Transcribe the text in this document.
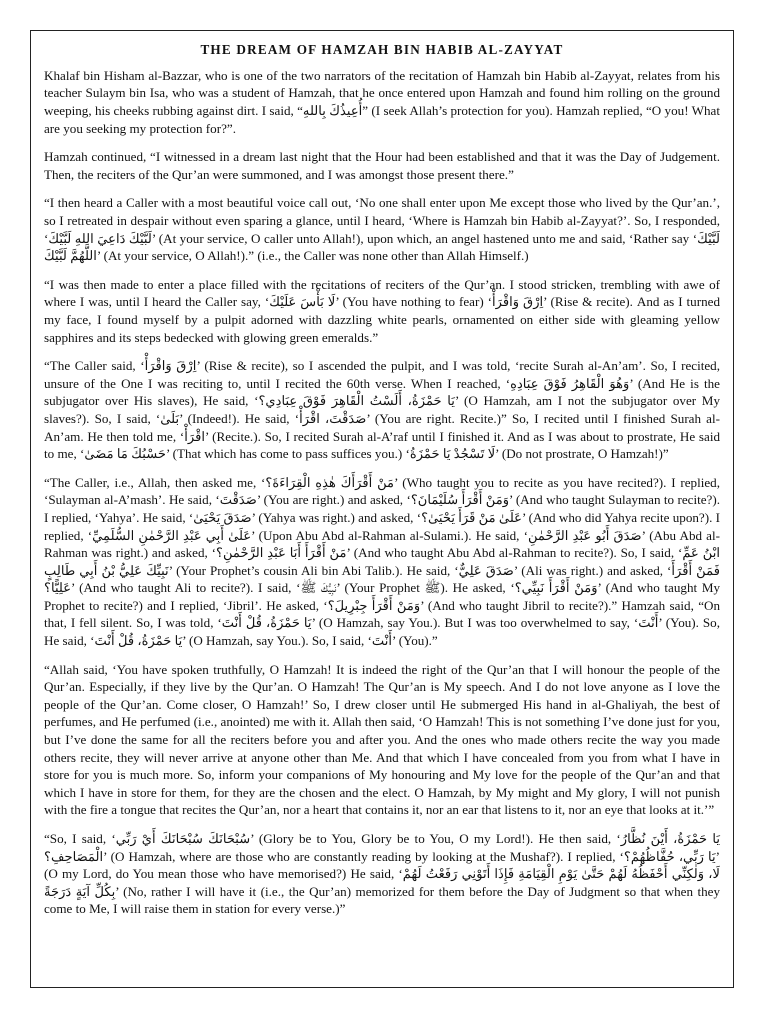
THE DREAM OF HAMZAH BIN HABIB AL-ZAYYAT

Khalaf bin Hisham al-Bazzar, who is one of the two narrators of the recitation of Hamzah bin Habib al-Zayyat, relates from his teacher Sulaym bin Isa, who was a student of Hamzah, that he once entered upon Hamzah and found him rolling on the ground weeping, his cheeks rubbing against dirt. I said, “أُعِيذُكَ بِاللهِ” (I seek Allah’s protection for you). Hamzah replied, “O you! What are you seeking my protection for?”.

Hamzah continued, “I witnessed in a dream last night that the Hour had been established and that it was the Day of Judgement. Then, the reciters of the Qur’an were summoned, and I was amongst those present there.”

“I then heard a Caller with a most beautiful voice call out, ‘No one shall enter upon Me except those who lived by the Qur’an.’, so I retreated in despair without even sparing a glance, until I heard, ‘Where is Hamzah bin Habib al-Zayyat?’. So, I responded, ‘لَبَّيْكَ دَاعِيَ اللهِ لَبَّيْكَ’ (At your service, O caller unto Allah!), upon which, an angel hastened unto me and said, ‘Rather say ‘لَبَّيْكَ اللَّهُمَّ لَبَّيْكَ’ (At your service, O Allah!).” (i.e., the Caller was none other than Allah Himself.)

“I was then made to enter a place filled with the recitations of reciters of the Qur’an. I stood stricken, trembling with awe of where I was, until I heard the Caller say, ‘لَا بَأْسَ عَلَيْكَ’ (You have nothing to fear) ‘اِرْقَ وَاقْرَأْ’ (Rise & recite). And as I turned my face, I found myself by a pulpit adorned with dazzling white pearls, ornamented on either side with gleaming yellow sapphires and its steps bedecked with glowing green emeralds.”

“The Caller said, ‘اِرْقَ وَاقْرَأْ’ (Rise & recite), so I ascended the pulpit, and I was told, ‘recite Surah al-An’am’. So, I recited, unsure of the One I was reciting to, until I recited the 60th verse. When I reached, ‘وَهُوَ الْقَاهِرُ فَوْقَ عِبَادِهِ’ (And He is the subjugator over His slaves), He said, ‘يَا حَمْزَةُ، أَلَسْتُ الْقَاهِرَ فَوْقَ عِبَادِي؟’ (O Hamzah, am I not the subjugator over My slaves?). So, I said, ‘بَلَىٰ’ (Indeed!). He said, ‘صَدَقْتَ، اقْرَأْ’ (You are right. Recite.)” So, I recited until I finished Surah al-An’am. He then told me, ‘اقْرَأْ’ (Recite.). So, I recited Surah al-A’raf until I finished it. And as I was about to prostrate, He said to me, ‘حَسْبُكَ مَا مَضَىٰ’ (That which has come to pass suffices you.) ‘لَا تَسْجُدْ يَا حَمْزَةُ’ (Do not prostrate, O Hamzah!)”

“The Caller, i.e., Allah, then asked me, ‘مَنْ أَقْرَأَكَ هٰذِهِ الْقِرَاءَةَ؟’ (Who taught you to recite as you have recited?). I replied, ‘Sulayman al-A’mash’. He said, ‘صَدَقْتَ’ (You are right.) and asked, ‘وَمَنْ أَقْرَأَ سُلَيْمَانَ؟’ (And who taught Sulayman to recite?). I replied, ‘Yahya’. He said, ‘صَدَقَ يَحْيَىٰ’ (Yahya was right.) and asked, ‘عَلَىٰ مَنْ قَرَأَ يَحْيَىٰ؟’ (And who did Yahya recite upon?). I replied, ‘عَلَىٰ أَبِي عَبْدِ الرَّحْمٰنِ السُّلَمِيِّ’ (Upon Abu Abd al-Rahman al-Sulami.). He said, ‘صَدَقَ أَبُو عَبْدِ الرَّحْمٰنِ’ (Abu Abd al-Rahman was right.) and asked, ‘مَنْ أَقْرَأَ أَبَا عَبْدِ الرَّحْمٰنِ؟’ (And who taught Abu Abd al-Rahman to recite?). So, I said, ‘ابْنُ عَمِّ نَبِيِّكَ عَلِيُّ بْنُ أَبِي طَالِبٍ’ (Your Prophet’s cousin Ali bin Abi Talib.). He said, ‘صَدَقَ عَلِيٌّ’ (Ali was right.) and asked, ‘فَمَنْ أَقْرَأَ عَلِيًّا؟’ (And who taught Ali to recite?). I said, ‘نَبِيُّكَ ﷺ’ (Your Prophet ﷺ). He asked, ‘وَمَنْ أَقْرَأَ نَبِيِّي؟’ (And who taught My Prophet to recite?) and I replied, ‘Jibril’. He asked, ‘وَمَنْ أَقْرَأَ جِبْرِيلَ؟’ (And who taught Jibril to recite?).” Hamzah said, “On that, I fell silent. So, I was told, ‘يَا حَمْزَةُ، قُلْ أَنْتَ’ (O Hamzah, say You.). But I was too overwhelmed to say, ‘أَنْتَ’ (You). So, He said, ‘يَا حَمْزَةُ، قُلْ أَنْتَ’ (O Hamzah, say You.). So, I said, ‘أَنْتَ’ (You).”

“Allah said, ‘You have spoken truthfully, O Hamzah! It is indeed the right of the Qur’an that I will honour the people of the Qur’an. Especially, if they live by the Qur’an. O Hamzah! The Qur’an is My speech. And I do not love anyone as I love the people of the Qur’an. Come closer, O Hamzah!’ So, I drew closer until He submerged His hand in al-Ghaliyah, the best of perfumes, and He perfumed (i.e., anointed) me with it. Allah then said, ‘O Hamzah! This is not something I’ve done just for you, but I’ve done the same for all the reciters before you and after you. And the ones who made others recite the way you made others recite, they will never arrive at anyone other than Me. And that which I have concealed from you from what I have in store for you is much more. So, inform your companions of My honouring and My love for the people of the Qur’an and that which I have in store for them, for they are the chosen and the elect. O Hamzah, by My might and My glory, I will not punish with the fire a tongue that recites the Qur’an, nor a heart that contains it, nor an ear that listens to it, nor an eye that looks at it.’”

“So, I said, ‘سُبْحَانَكَ سُبْحَانَكَ أَيْ رَبِّي’ (Glory be to You, Glory be to You, O my Lord!). He then said, ‘يَا حَمْزَةُ، أَيْنَ نُظَّارُ الْمَصَاحِفِ؟’ (O Hamzah, where are those who are constantly reading by looking at the Mushaf?). I replied, ‘يَا رَبِّي، حُفَّاظُهُمْ؟’ (O my Lord, do You mean those who have memorised?) He said, ‘لَا، وَلٰكِنِّي أَحْفَظُهُ لَهُمْ حَتَّىٰ يَوْمِ الْقِيَامَةِ فَإِذَا أَتَوْنِي رَفَعْتُ لَهُمْ بِكُلِّ آيَةٍ دَرَجَةً’ (No, rather I will have it (i.e., the Qur’an) memorized for them before the Day of Judgment so that when they come to Me, I will raise them in station for every verse.)”
